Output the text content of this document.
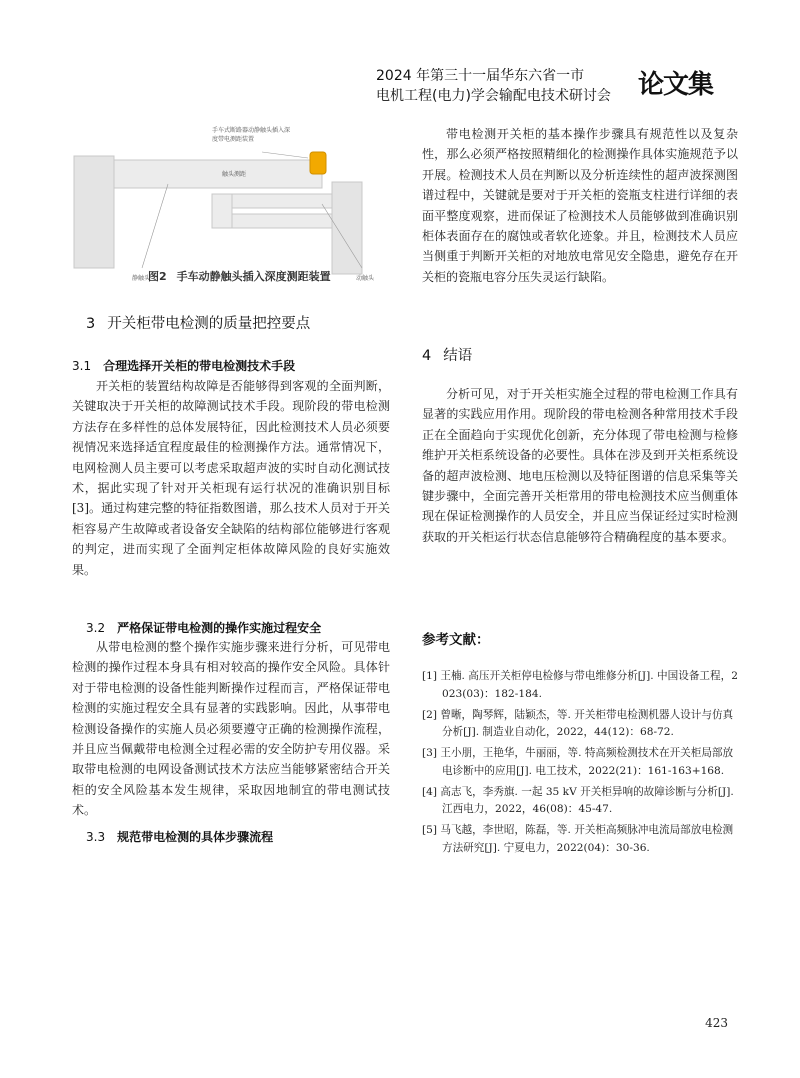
2024 年第三十一届华东六省一市
电机工程(电力)学会输配电技术研讨会	论文集
手车式断路器动静触头插入深 度带电测距装置
触头测距
静触头	动触头
图2 手车动静触头插入深度测距装置
3 开关柜带电检测的质量把控要点
3.1 合理选择开关柜的带电检测技术手段
开关柜的装置结构故障是否能够得到客观的全面判断，关键取决于开关柜的故障测试技术手段。现阶段的带电检测方法存在多样性的总体发展特征，因此检测技术人员必须要视情况来选择适宜程度最佳的检测操作方法。通常情况下，电网检测人员主要可以考虑采取超声波的实时自动化测试技术，据此实现了针对开关柜现有运行状况的准确识别目标[3]。通过构建完整的特征指数图谱，那么技术人员对于开关柜容易产生故障或者设备安全缺陷的结构部位能够进行客观的判定，进而实现了全面判定柜体故障风险的良好实施效果。
3.2 严格保证带电检测的操作实施过程安全
从带电检测的整个操作实施步骤来进行分析，可见带电检测的操作过程本身具有相对较高的操作安全风险。具体针对于带电检测的设备性能判断操作过程而言，严格保证带电检测的实施过程安全具有显著的实践影响。因此，从事带电检测设备操作的实施人员必须要遵守正确的检测操作流程，并且应当佩戴带电检测全过程必需的安全防护专用仪器。采取带电检测的电网设备测试技术方法应当能够紧密结合开关柜的安全风险基本发生规律，采取因地制宜的带电测试技术。
3.3 规范带电检测的具体步骤流程
带电检测开关柜的基本操作步骤具有规范性以及复杂性，那么必须严格按照精细化的检测操作具体实施规范予以开展。检测技术人员在判断以及分析连续性的超声波探测图谱过程中，关键就是要对于开关柜的瓷瓶支柱进行详细的表面平整度观察，进而保证了检测技术人员能够做到准确识别柜体表面存在的腐蚀或者软化迹象。并且，检测技术人员应当侧重于判断开关柜的对地放电常见安全隐患，避免存在开关柜的瓷瓶电容分压失灵运行缺陷。
4 结语
分析可见，对于开关柜实施全过程的带电检测工作具有显著的实践应用作用。现阶段的带电检测各种常用技术手段正在全面趋向于实现优化创新，充分体现了带电检测与检修维护开关柜系统设备的必要性。具体在涉及到开关柜系统设备的超声波检测、地电压检测以及特征图谱的信息采集等关键步骤中，全面完善开关柜常用的带电检测技术应当侧重体现在保证检测操作的人员安全，并且应当保证经过实时检测获取的开关柜运行状态信息能够符合精确程度的基本要求。
参考文献：
[1] 王楠. 高压开关柜停电检修与带电维修分析[J]. 中国设备工程，2023(03)：182-184.
[2] 曾晰，陶琴辉，陆颖杰，等. 开关柜带电检测机器人设计与仿真分析[J]. 制造业自动化，2022，44(12)：68-72.
[3] 王小朋，王艳华，牛丽丽，等. 特高频检测技术在开关柜局部放电诊断中的应用[J]. 电工技术，2022(21)：161-163+168.
[4] 高志飞，李秀旗. 一起 35 kV 开关柜异响的故障诊断与分析[J]. 江西电力，2022，46(08)：45-47.
[5] 马飞越，李世昭，陈磊，等. 开关柜高频脉冲电流局部放电检测方法研究[J]. 宁夏电力，2022(04)：30-36.
423
